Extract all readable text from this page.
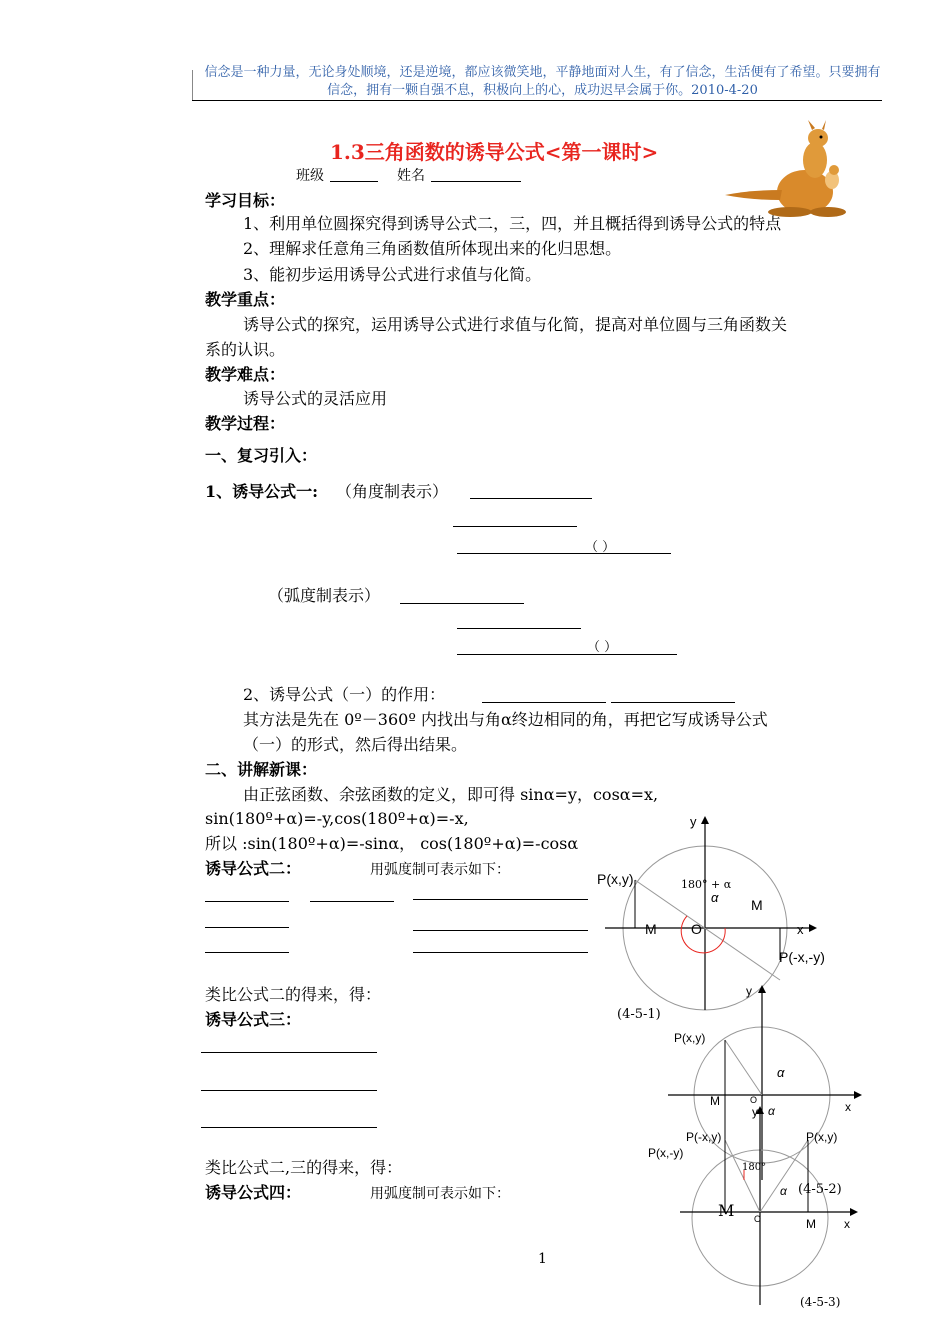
信念是一种力量，无论身处顺境，还是逆境，都应该微笑地，平静地面对人生，有了信念，生活便有了希望。只要拥有信念，拥有一颗自强不息，积极向上的心，成功迟早会属于你。2010-4-20
1.3三角函数的诱导公式<第一课时>
班级	姓名
学习目标：
1、利用单位圆探究得到诱导公式二，三，四，并且概括得到诱导公式的特点
2、理解求任意角三角函数值所体现出来的化归思想。
3、能初步运用诱导公式进行求值与化简。
教学重点：
诱导公式的探究，运用诱导公式进行求值与化简，提高对单位圆与三角函数关
系的认识。
教学难点：
诱导公式的灵活应用
教学过程：
一、复习引入：
1、诱导公式一: （角度制表示）
（ ）
（弧度制表示）
（ ）
2、诱导公式（一）的作用：
其方法是先在 0º－360º 内找出与角α终边相同的角，再把它写成诱导公式
（一）的形式，然后得出结果。
二、讲解新课：
由正弦函数、余弦函数的定义，即可得 sinα=y，cosα=x,
sin(180º+α)=-y,cos(180º+α)=-x,
所以 :sin(180º+α)=-sinα， cos(180º+α)=-cosα
诱导公式二：	用弧度制可表示如下：
类比公式二的得来，得：
诱导公式三：
类比公式二,三的得来，得：
诱导公式四：	用弧度制可表示如下：
1
y
x
P(x,y)
P(-x,-y)
M
M
O
180° + α
α
(4-5-1)
y
x
P(x,y)
P(x,-y)
M	O
α
α
y
x
P(-x,y)	P(x,y)
M
M
O
180°
α (4-5-2)
(4-5-3)
